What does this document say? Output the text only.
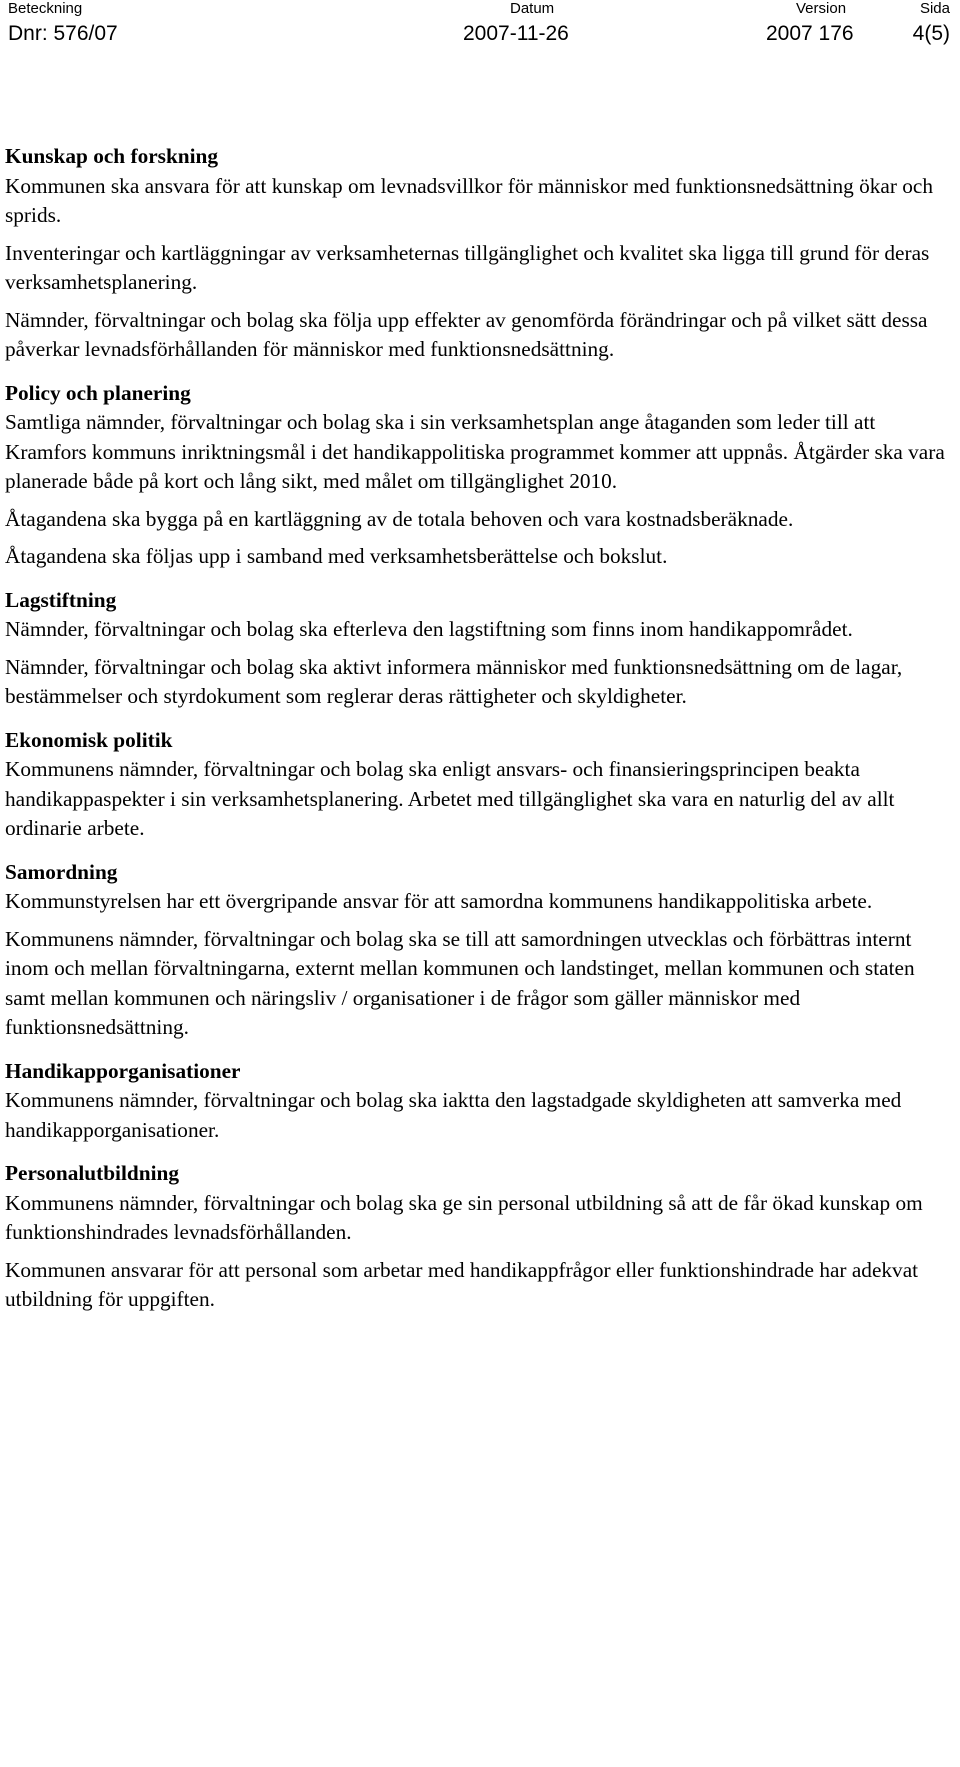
Beteckning
Dnr: 576/07
Datum
2007-11-26
Version
2007 176
Sida
4(5)
Kunskap och forskning

Kommunen ska ansvara för att kunskap om levnadsvillkor för människor med funktionsnedsättning ökar och sprids.

Inventeringar och kartläggningar av verksamheternas tillgänglighet och kvalitet ska ligga till grund för deras verksamhetsplanering.

Nämnder, förvaltningar och bolag ska följa upp effekter av genomförda förändringar och på vilket sätt dessa påverkar levnadsförhållanden för människor med funktionsnedsättning.

Policy och planering

Samtliga nämnder, förvaltningar och bolag ska i sin verksamhetsplan ange åtaganden som leder till att Kramfors kommuns inriktningsmål i det handikappolitiska programmet kommer att uppnås. Åtgärder ska vara planerade både på kort och lång sikt, med målet om tillgänglighet 2010.

Åtagandena ska bygga på en kartläggning av de totala behoven och vara kostnadsberäknade.

Åtagandena ska följas upp i samband med verksamhetsberättelse och bokslut.

Lagstiftning

Nämnder, förvaltningar och bolag ska efterleva den lagstiftning som finns inom handikappområdet.

Nämnder, förvaltningar och bolag ska aktivt informera människor med funktionsnedsättning om de lagar, bestämmelser och styrdokument som reglerar deras rättigheter och skyldigheter.

Ekonomisk politik

Kommunens nämnder, förvaltningar och bolag ska enligt ansvars- och finansieringsprincipen beakta handikappaspekter i sin verksamhetsplanering. Arbetet med tillgänglighet ska vara en naturlig del av allt ordinarie arbete.

Samordning

Kommunstyrelsen har ett övergripande ansvar för att samordna kommunens handikappolitiska arbete.

Kommunens nämnder, förvaltningar och bolag ska se till att samordningen utvecklas och förbättras internt inom och mellan förvaltningarna, externt mellan kommunen och landstinget, mellan kommunen och staten samt mellan kommunen och näringsliv / organisationer i de frågor som gäller människor med funktionsnedsättning.

Handikapporganisationer

Kommunens nämnder, förvaltningar och bolag ska iaktta den lagstadgade skyldigheten att samverka med handikapporganisationer.

Personalutbildning

Kommunens nämnder, förvaltningar och bolag ska ge sin personal utbildning så att de får ökad kunskap om funktionshindrades levnadsförhållanden.

Kommunen ansvarar för att personal som arbetar med handikappfrågor eller funktionshindrade har adekvat utbildning för uppgiften.
